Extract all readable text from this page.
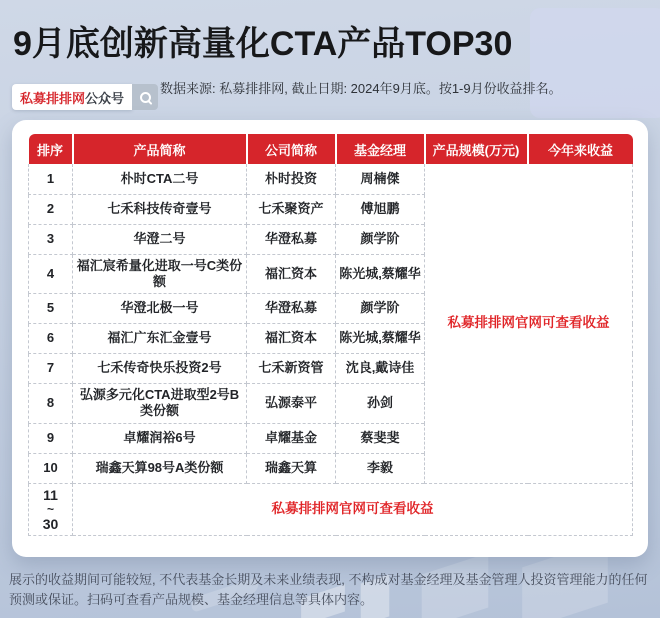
9月底创新高量化CTA产品TOP30
私募排排网 公众号
数据来源: 私募排排网, 截止日期: 2024年9月底。按1-9月份收益排名。
排序	产品简称	公司简称	基金经理	产品规模(万元)	今年来收益
1	朴时CTA二号	朴时投资	周楠傑	私募排排网官网可查看收益	
2	七禾科技传奇壹号	七禾聚资产	傅旭鹏		
3	华澄二号	华澄私募	颜学阶		
4	福汇宸希量化进取一号C类份额	福汇资本	陈光城,蔡耀华		
5	华澄北极一号	华澄私募	颜学阶		
6	福汇广东汇金壹号	福汇资本	陈光城,蔡耀华		
7	七禾传奇快乐投资2号	七禾新资管	沈良,戴诗佳		
8	弘源多元化CTA进取型2号B类份额	弘源泰平	孙剑		
9	卓耀润裕6号	卓耀基金	蔡斐斐		
10	瑞鑫天算98号A类份额	瑞鑫天算	李毅		

11
~
30	私募排排网官网可查看收益				
展示的收益期间可能较短, 不代表基金长期及未来业绩表现, 不构成对基金经理及基金管理人投资管理能力的任何预测或保证。扫码可查看产品规模、基金经理信息等具体内容。
